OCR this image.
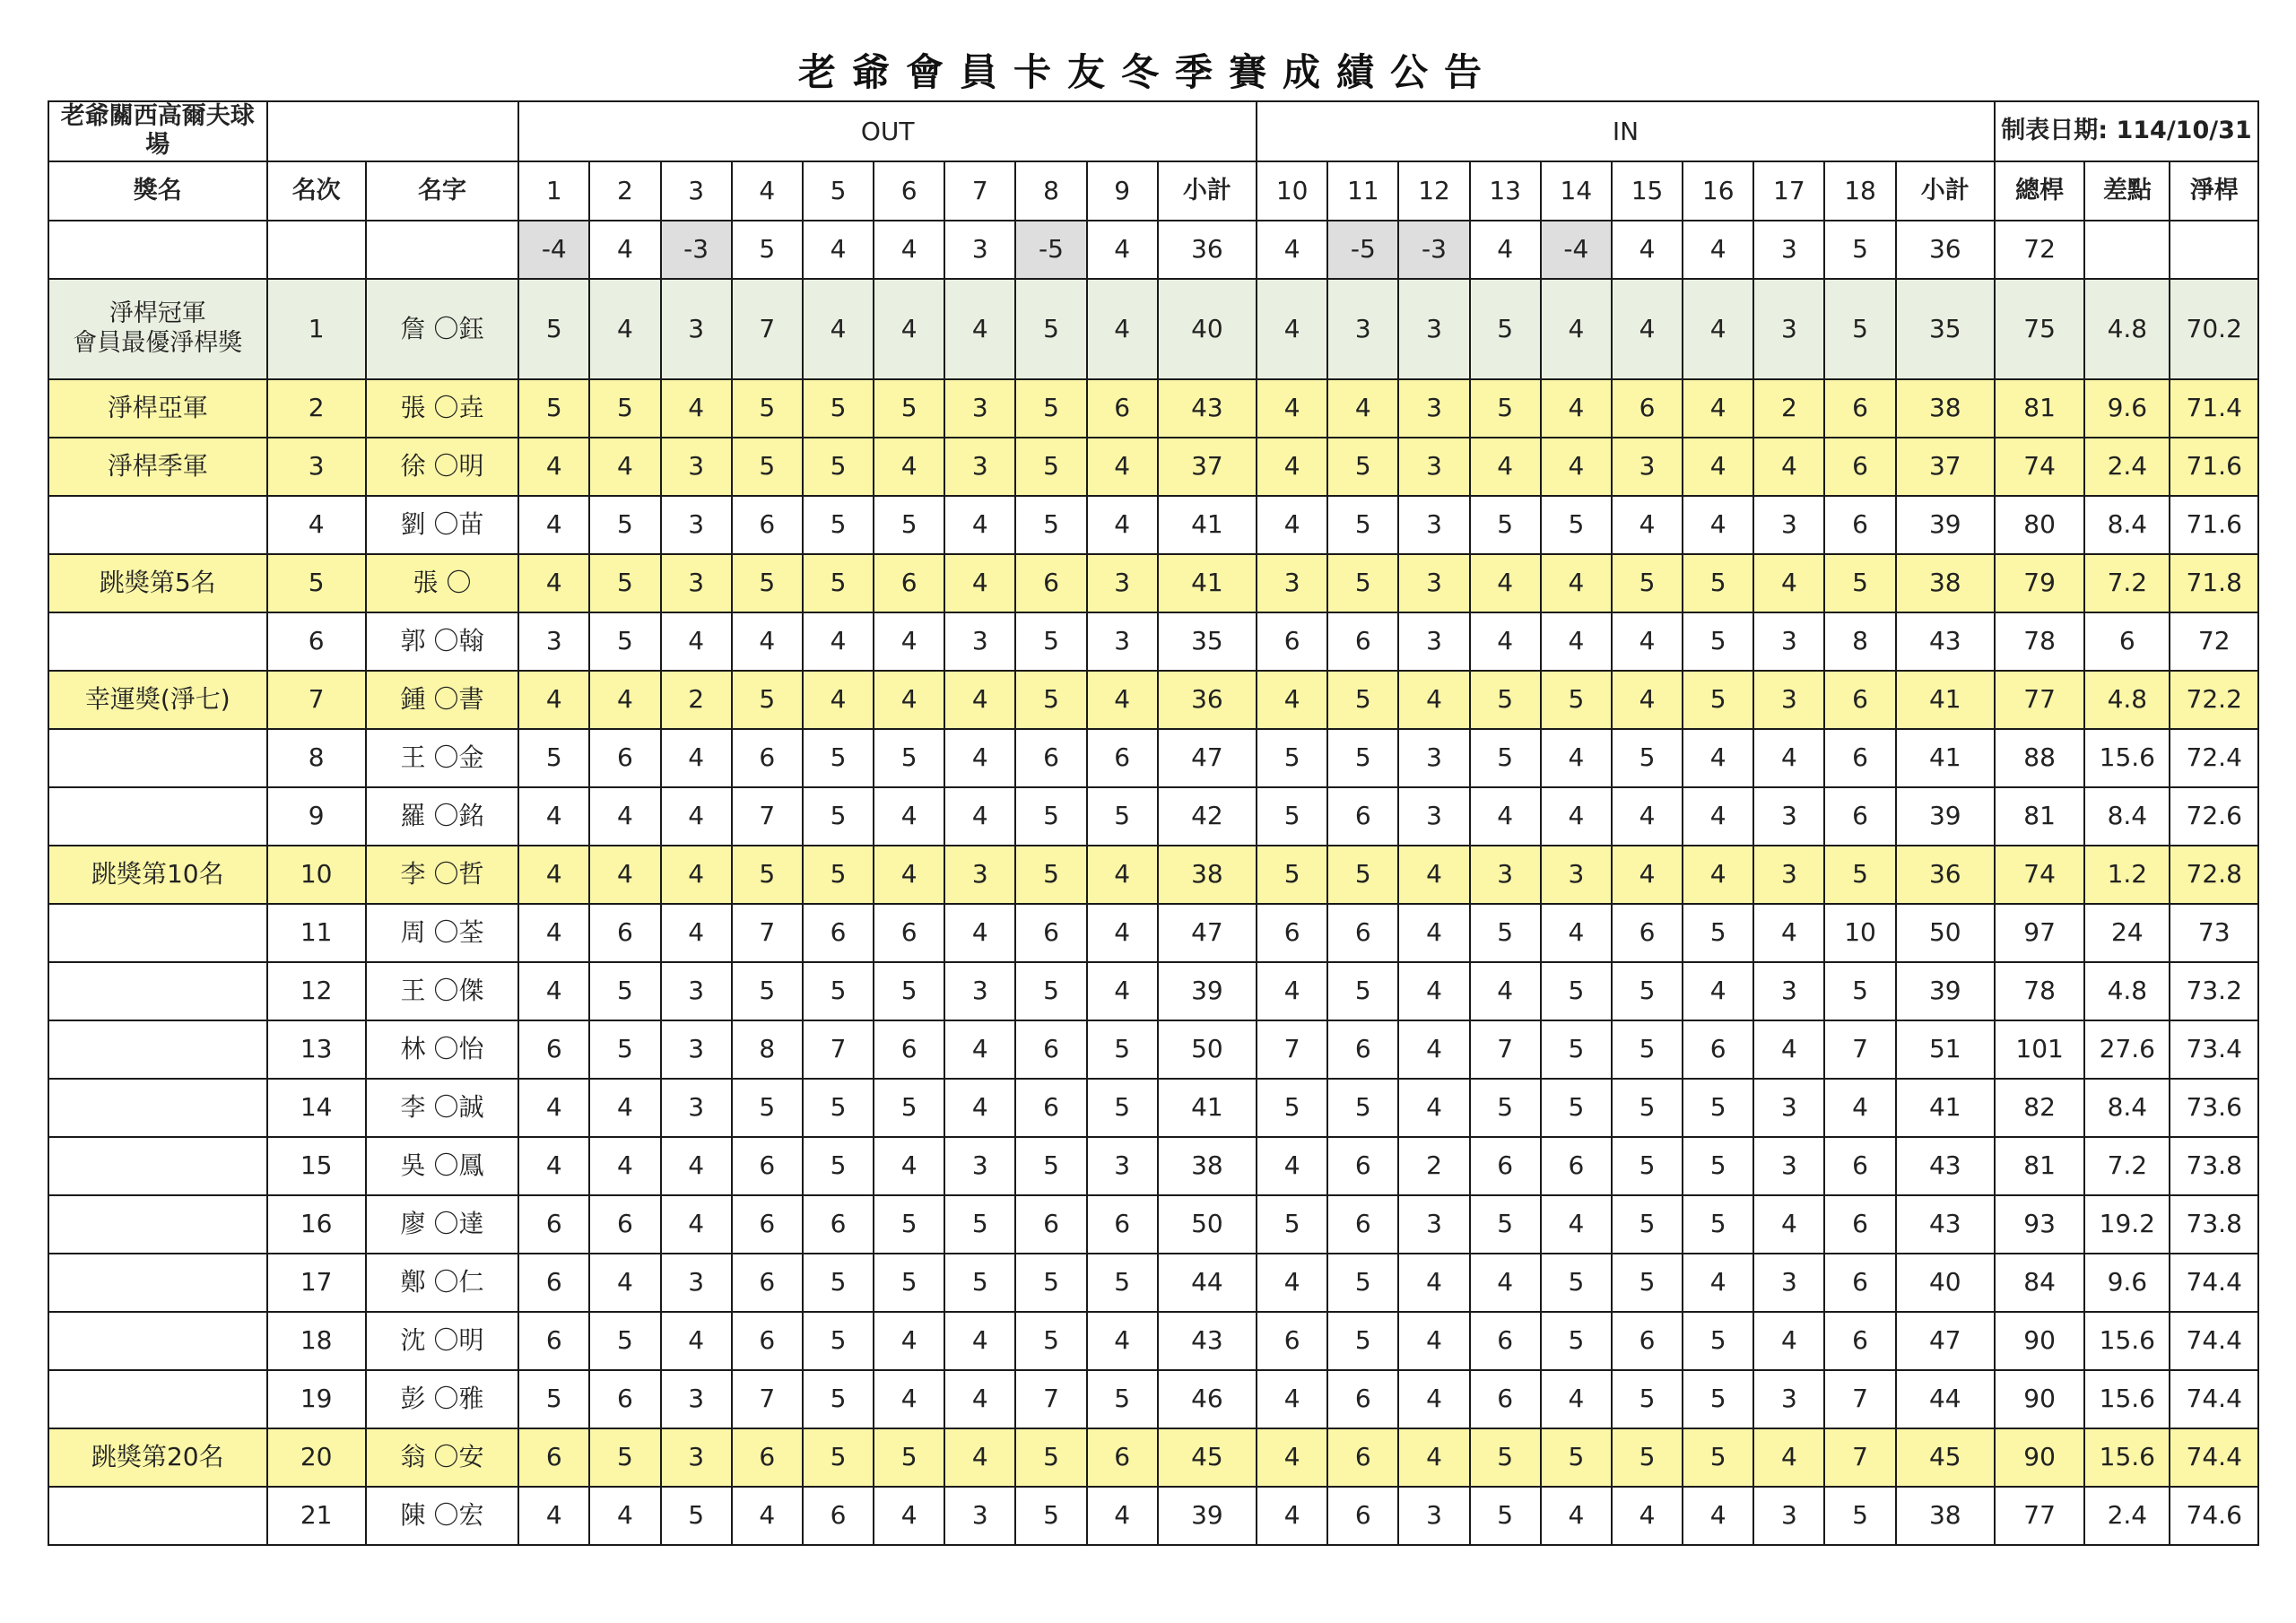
老爺會員卡友冬季賽成績公告
老爺關西高爾夫球場			OUT										IN										制表日期: 114/10/31		
獎名	名次	名字	1	2	3	4	5	6	7	8	9	小計	10	11	12	13	14	15	16	17	18	小計	總桿	差點	淨桿
			-4	4	-3	5	4	4	3	-5	4	36	4	-5	-3	4	-4	4	4	3	5	36	72		

淨桿冠軍
會員最優淨桿獎	1	詹 〇鈺	5	4	3	7	4	4	4	5	4	40	4	3	3	5	4	4	4	3	5	35	75	4.8	70.2
淨桿亞軍	2	張 〇垚	5	5	4	5	5	5	3	5	6	43	4	4	3	5	4	6	4	2	6	38	81	9.6	71.4
淨桿季軍	3	徐 〇明	4	4	3	5	5	4	3	5	4	37	4	5	3	4	4	3	4	4	6	37	74	2.4	71.6
	4	劉 〇苗	4	5	3	6	5	5	4	5	4	41	4	5	3	5	5	4	4	3	6	39	80	8.4	71.6
跳獎第5名	5	張 〇	4	5	3	5	5	6	4	6	3	41	3	5	3	4	4	5	5	4	5	38	79	7.2	71.8
	6	郭 〇翰	3	5	4	4	4	4	3	5	3	35	6	6	3	4	4	4	5	3	8	43	78	6	72
幸運獎(淨七)	7	鍾 〇書	4	4	2	5	4	4	4	5	4	36	4	5	4	5	5	4	5	3	6	41	77	4.8	72.2
	8	王 〇金	5	6	4	6	5	5	4	6	6	47	5	5	3	5	4	5	4	4	6	41	88	15.6	72.4
	9	羅 〇銘	4	4	4	7	5	4	4	5	5	42	5	6	3	4	4	4	4	3	6	39	81	8.4	72.6
跳獎第10名	10	李 〇哲	4	4	4	5	5	4	3	5	4	38	5	5	4	3	3	4	4	3	5	36	74	1.2	72.8
	11	周 〇荃	4	6	4	7	6	6	4	6	4	47	6	6	4	5	4	6	5	4	10	50	97	24	73
	12	王 〇傑	4	5	3	5	5	5	3	5	4	39	4	5	4	4	5	5	4	3	5	39	78	4.8	73.2
	13	林 〇怡	6	5	3	8	7	6	4	6	5	50	7	6	4	7	5	5	6	4	7	51	101	27.6	73.4
	14	李 〇誠	4	4	3	5	5	5	4	6	5	41	5	5	4	5	5	5	5	3	4	41	82	8.4	73.6
	15	吳 〇鳳	4	4	4	6	5	4	3	5	3	38	4	6	2	6	6	5	5	3	6	43	81	7.2	73.8
	16	廖 〇達	6	6	4	6	6	5	5	6	6	50	5	6	3	5	4	5	5	4	6	43	93	19.2	73.8
	17	鄭 〇仁	6	4	3	6	5	5	5	5	5	44	4	5	4	4	5	5	4	3	6	40	84	9.6	74.4
	18	沈 〇明	6	5	4	6	5	4	4	5	4	43	6	5	4	6	5	6	5	4	6	47	90	15.6	74.4
	19	彭 〇雅	5	6	3	7	5	4	4	7	5	46	4	6	4	6	4	5	5	3	7	44	90	15.6	74.4
跳獎第20名	20	翁 〇安	6	5	3	6	5	5	4	5	6	45	4	6	4	5	5	5	5	4	7	45	90	15.6	74.4
	21	陳 〇宏	4	4	5	4	6	4	3	5	4	39	4	6	3	5	4	4	4	3	5	38	77	2.4	74.6
